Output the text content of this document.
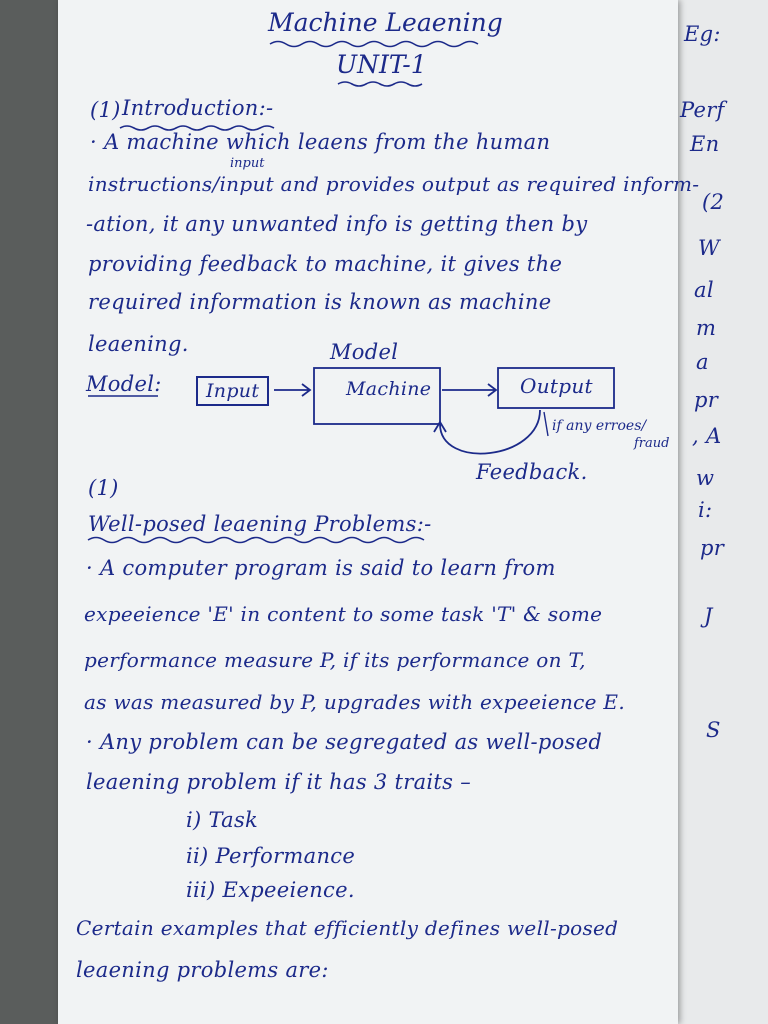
Machine Leaening
UNIT-1
(1) Introduction:-
· A machine which leaens from the human
input
instructions/input and provides output as required inform-
-ation, it any unwanted info is getting then by
providing feedback to machine, it gives the
required information is known as machine
leaening.
Model:
Model
Input	Machine	Output
if any erroes/
fraud
Feedback.
(1)
Well-posed leaening Problems:-
· A computer program is said to learn from
expeeience 'E' in content to some task 'T' & some
performance measure P, if its performance on T,
as was measured by P, upgrades with expeeience E.
· Any problem can be segregated as well-posed
leaening problem if it has 3 traits –
i) Task
ii) Performance
iii) Expeeience.
Certain examples that efficiently defines well-posed
leaening problems are:
Eg:
Perf
En
(2
W
al
m
a
pr
, A
w
i:
pr
J
S
